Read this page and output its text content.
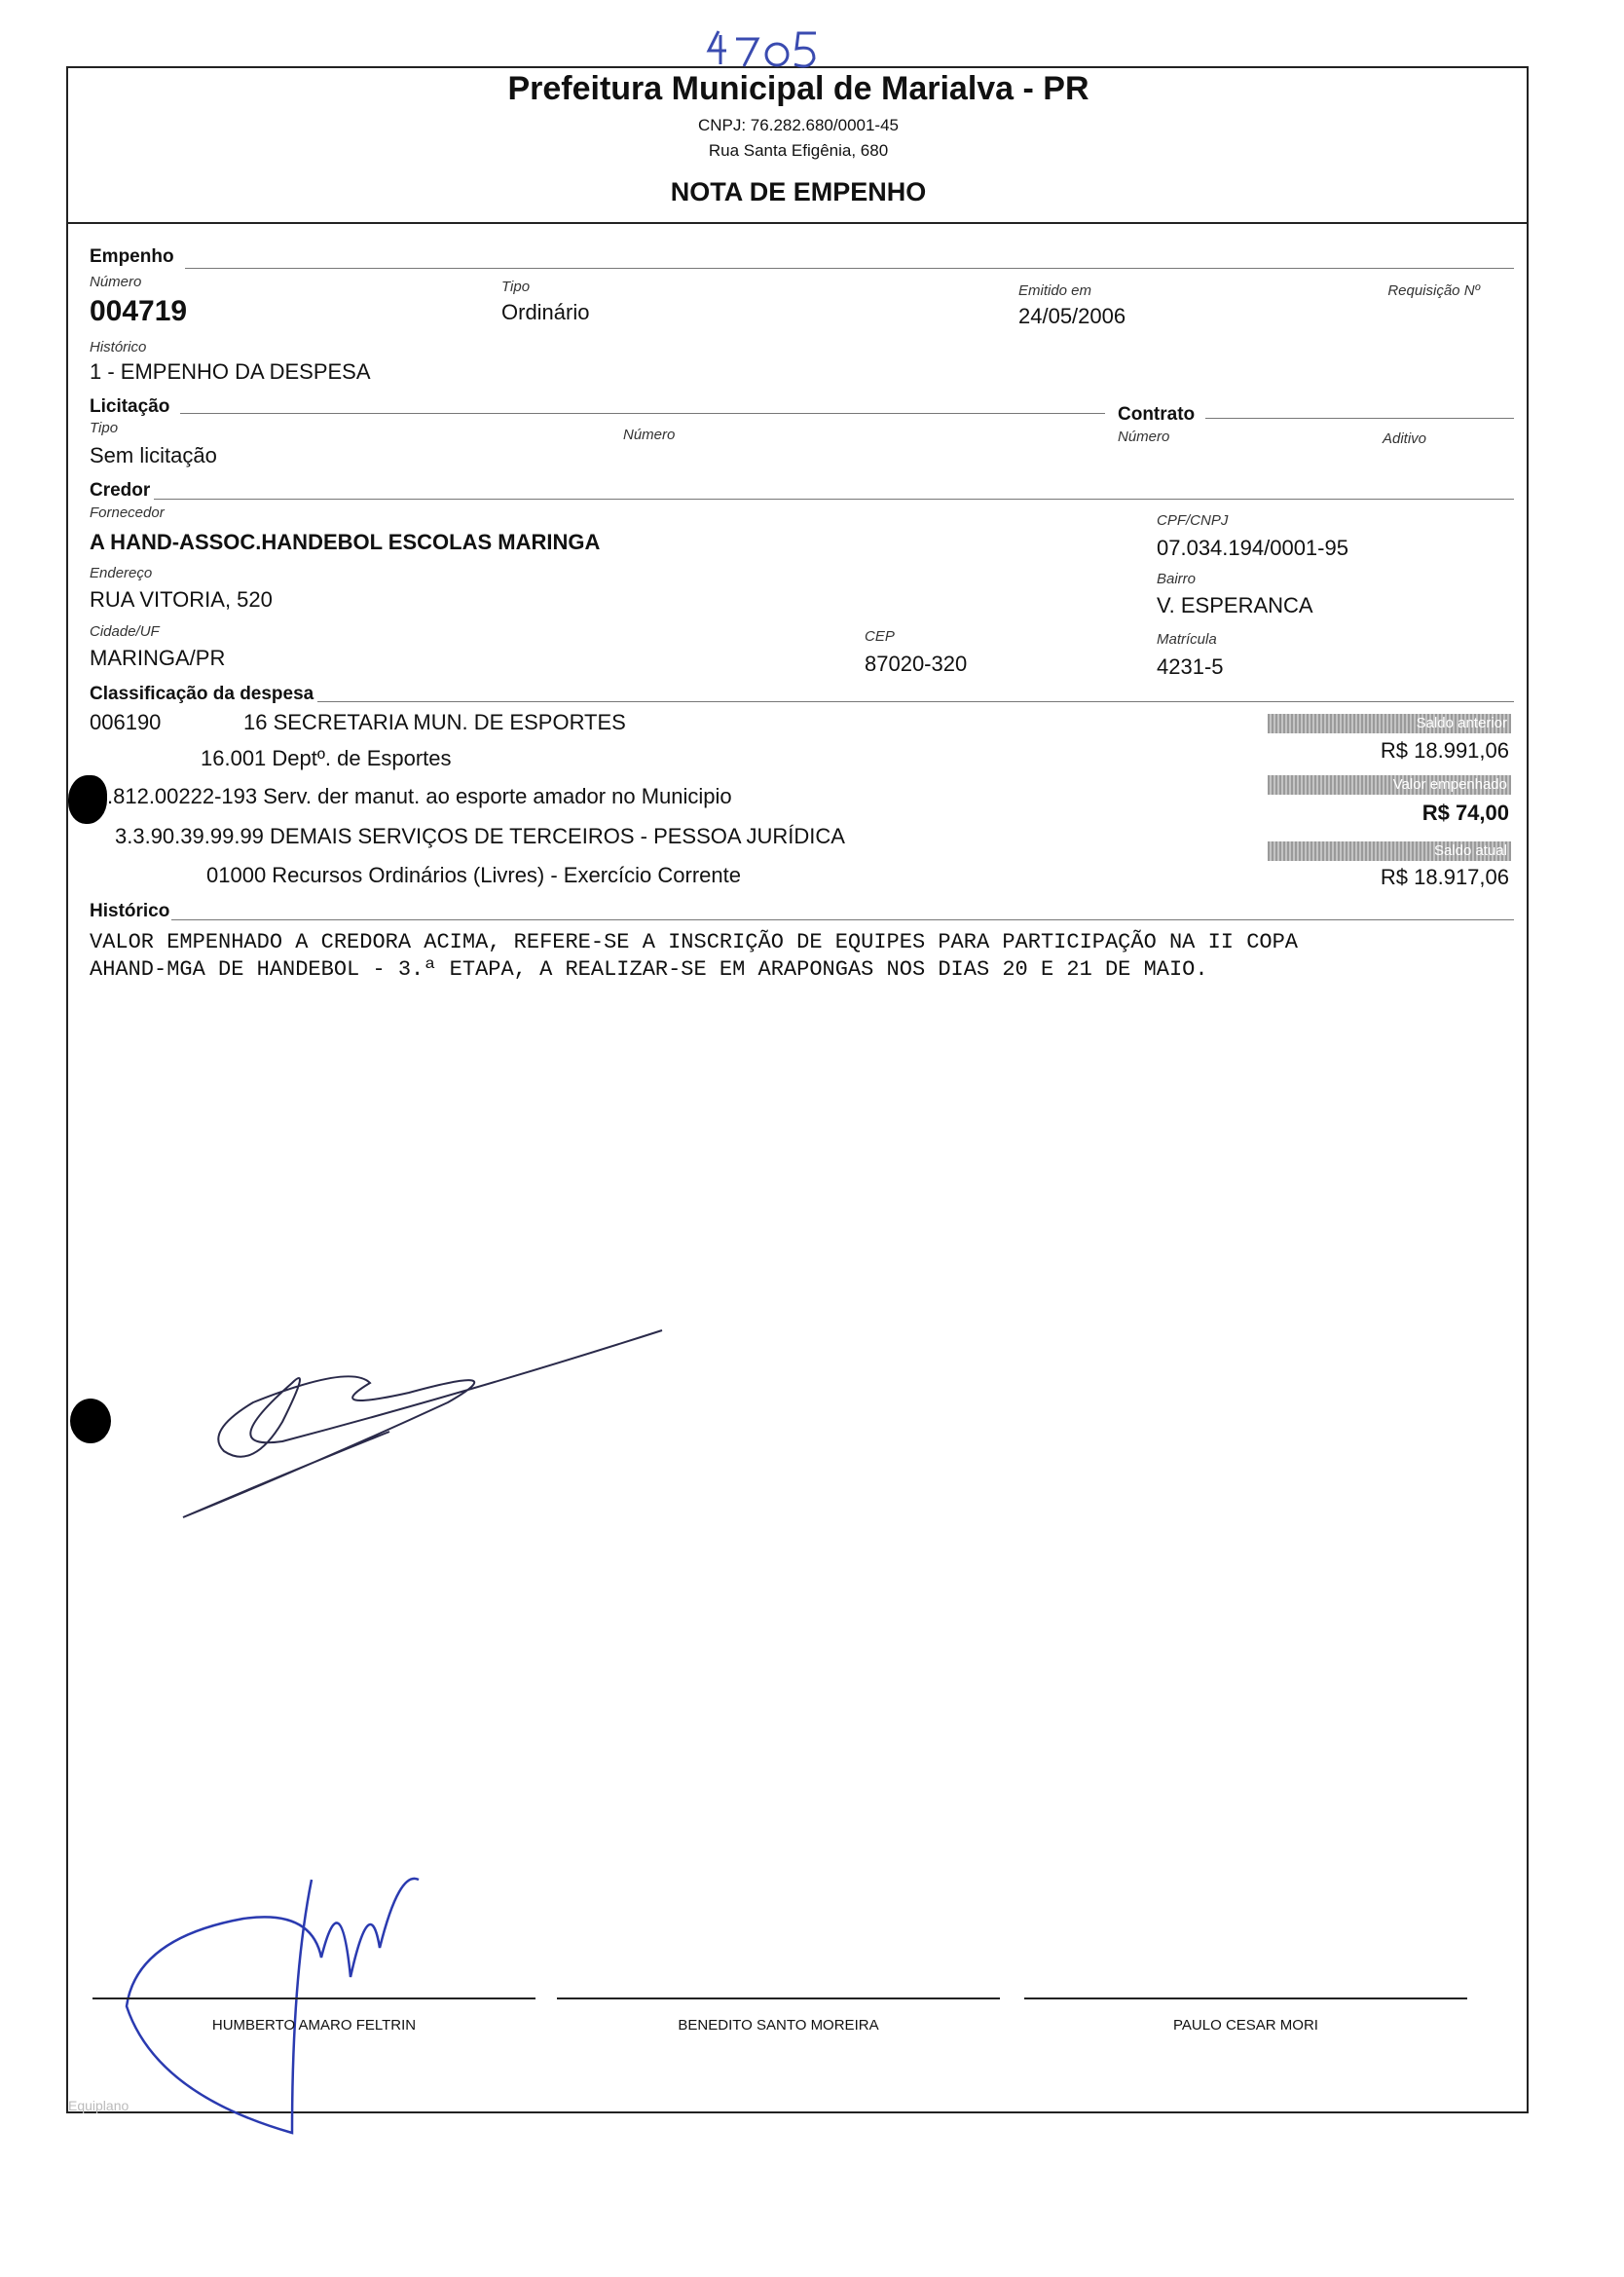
Prefeitura Municipal de Marialva - PR
CNPJ: 76.282.680/0001-45
Rua Santa Efigênia, 680
NOTA DE EMPENHO
Empenho
Número
004719
Tipo
Ordinário
Emitido em
24/05/2006
Requisição Nº
Histórico
1 - EMPENHO DA DESPESA
Licitação
Tipo
Sem licitação
Número
Contrato
Número	Aditivo
Credor
Fornecedor
A HAND-ASSOC.HANDEBOL ESCOLAS MARINGA
CPF/CNPJ
07.034.194/0001-95
Endereço
RUA VITORIA, 520
Bairro
V. ESPERANCA
Cidade/UF
MARINGA/PR
CEP
87020-320
Matrícula
4231-5
Classificação da despesa
006190	16 SECRETARIA MUN. DE ESPORTES
16.001 Deptº. de Esportes
.812.00222-193 Serv. der manut. ao esporte amador no Municipio
3.3.90.39.99.99 DEMAIS SERVIÇOS DE TERCEIROS - PESSOA JURÍDICA
01000 Recursos Ordinários (Livres) - Exercício Corrente
Saldo anterior
R$ 18.991,06
Valor empenhado
R$ 74,00
Saldo atual
R$ 18.917,06
Histórico
VALOR EMPENHADO A CREDORA ACIMA, REFERE-SE A INSCRIÇÃO DE EQUIPES PARA PARTICIPAÇÃO NA II COPA
AHAND-MGA DE HANDEBOL - 3.ª ETAPA, A REALIZAR-SE EM ARAPONGAS NOS DIAS 20 E 21 DE MAIO.
HUMBERTO AMARO FELTRIN	BENEDITO SANTO MOREIRA	PAULO CESAR MORI
Equiplano
